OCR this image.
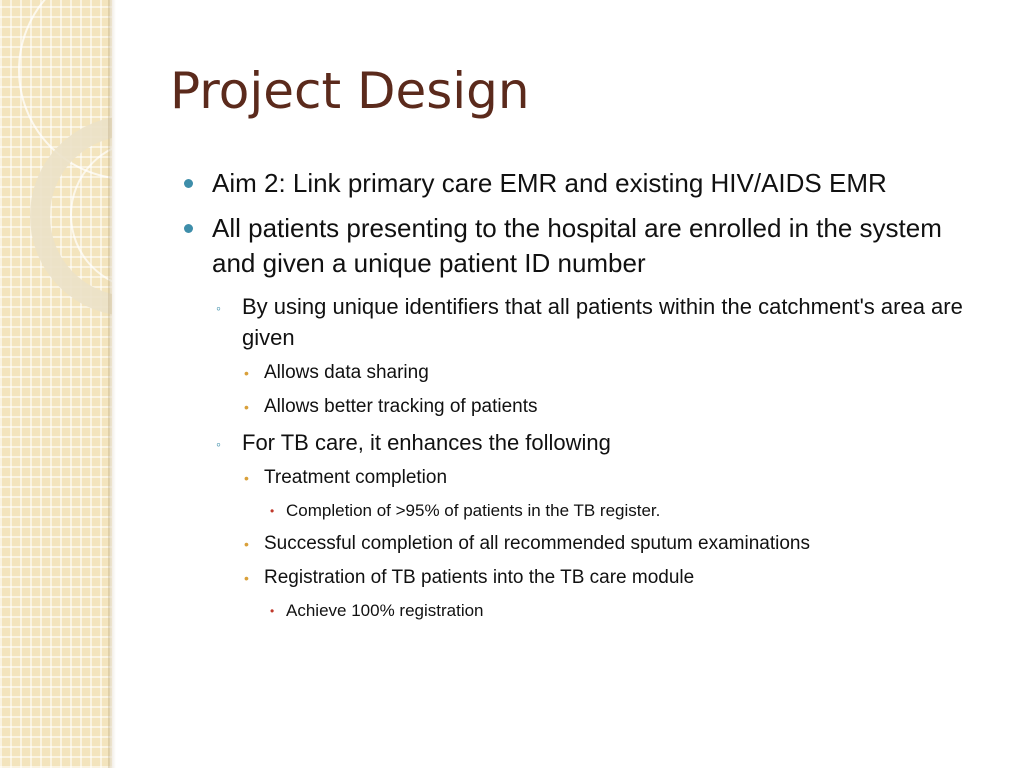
Project Design
Aim 2: Link primary care EMR and existing HIV/AIDS EMR
All patients presenting to the hospital are enrolled in the system and given a unique patient ID number
◦ By using unique identifiers that all patients within the catchment's area are given
• Allows data sharing
• Allows better tracking of patients
◦ For TB care, it enhances the following
• Treatment completion
• Completion of >95% of patients in the TB register.
• Successful completion of all recommended sputum examinations
• Registration of TB patients into the TB care module
• Achieve 100% registration
